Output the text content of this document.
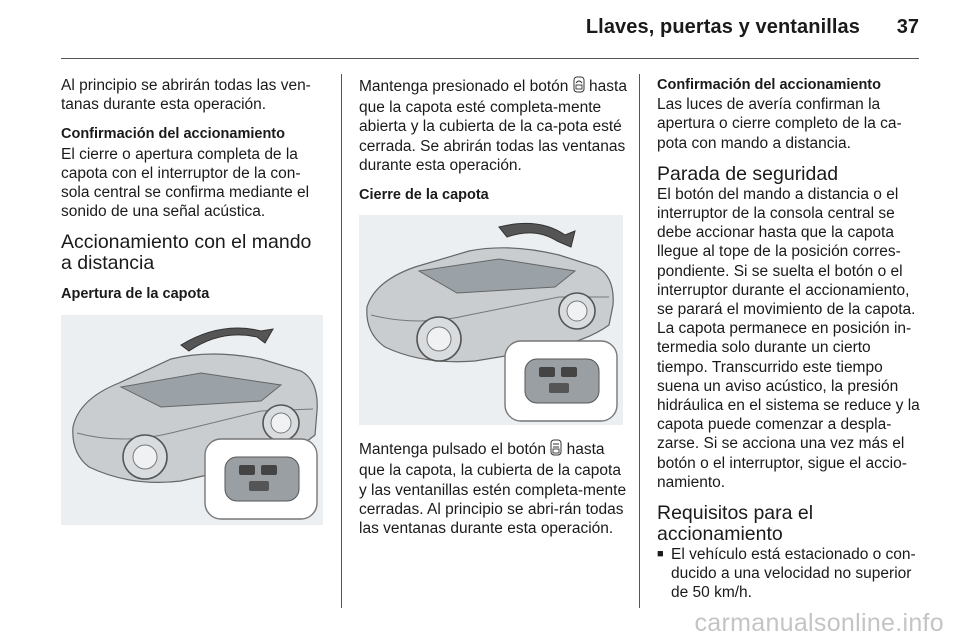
Llaves, puertas y ventanillas 37

Al principio se abrirán todas las ven-tanas durante esta operación.

Confirmación del accionamiento

El cierre o apertura completa de la capota con el interruptor de la con-sola central se confirma mediante el sonido de una señal acústica.

Accionamiento con el mando a distancia
Apertura de la capota

Mantenga presionado el botón  hasta que la capota esté completa-mente abierta y la cubierta de la ca-pota esté cerrada. Se abrirán todas las ventanas durante esta operación.

Cierre de la capota

Mantenga pulsado el botón  hasta que la capota, la cubierta de la capota y las ventanillas estén completa-mente cerradas. Al principio se abri-rán todas las ventanas durante esta operación.

Confirmación del accionamiento

Las luces de avería confirman la apertura o cierre completo de la ca-pota con mando a distancia.

Parada de seguridad

El botón del mando a distancia o el interruptor de la consola central se debe accionar hasta que la capota llegue al tope de la posición corres-pondiente. Si se suelta el botón o el interruptor durante el accionamiento, se parará el movimiento de la capota. La capota permanece en posición in-termedia solo durante un cierto tiempo. Transcurrido este tiempo suena un aviso acústico, la presión hidráulica en el sistema se reduce y la capota puede comenzar a despla-zarse. Si se acciona una vez más el botón o el interruptor, sigue el accio-namiento.

Requisitos para el accionamiento
■ El vehículo está estacionado o con-ducido a una velocidad no superior de 50 km/h.
carmanualsonline.info
